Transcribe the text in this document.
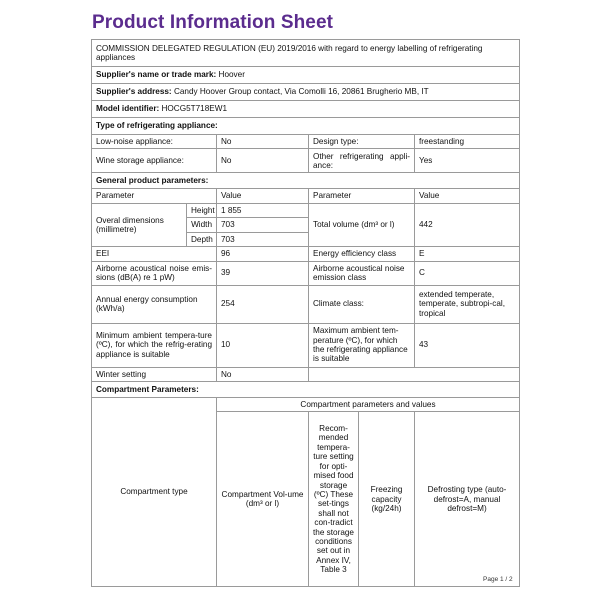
Product Information Sheet
COMMISSION DELEGATED REGULATION (EU) 2019/2016 with regard to energy labelling of refrigerating appliances					
Supplier's name or trade mark: Hoover					
Supplier's address: Candy Hoover Group contact, Via Comolli 16, 20861 Brugherio MB, IT					
Model identifier: HOCG5T718EW1					
Type of refrigerating appliance:					
Low-noise appliance:		No	Design type:		freestanding
Wine storage appliance:		No	Other refrigerating appli-ance:		Yes
General product parameters:					
Parameter		Value	Parameter		Value
Overal dimensions (millimetre)	Height	1 855	Total volume (dm³ or l)		442
	Width	703			
	Depth	703			
EEI		96	Energy efficiency class		E
Airborne acoustical noise emis-sions (dB(A) re 1 pW)		39	Airborne acoustical noise emission class		C
Annual energy consumption (kWh/a)		254	Climate class:		extended temperate, temperate, subtropi-cal, tropical
Minimum ambient tempera-ture (ºC), for which the refrig-erating appliance is suitable		10	Maximum ambient tem-perature (ºC), for which the refrigerating appliance is suitable		43
Winter setting		No			
Compartment Parameters:					
Compartment type		Compartment parameters and values			
		Compartment Vol-ume (dm³ or l)	Recom-mended tempera-ture setting for opti-mised food storage (ºC) These set-tings shall not con-tradict the storage conditions set out in Annex IV, Table 3	Freezing capacity (kg/24h)	Defrosting type (auto-defrost=A, manual defrost=M)
Page 1 / 2
